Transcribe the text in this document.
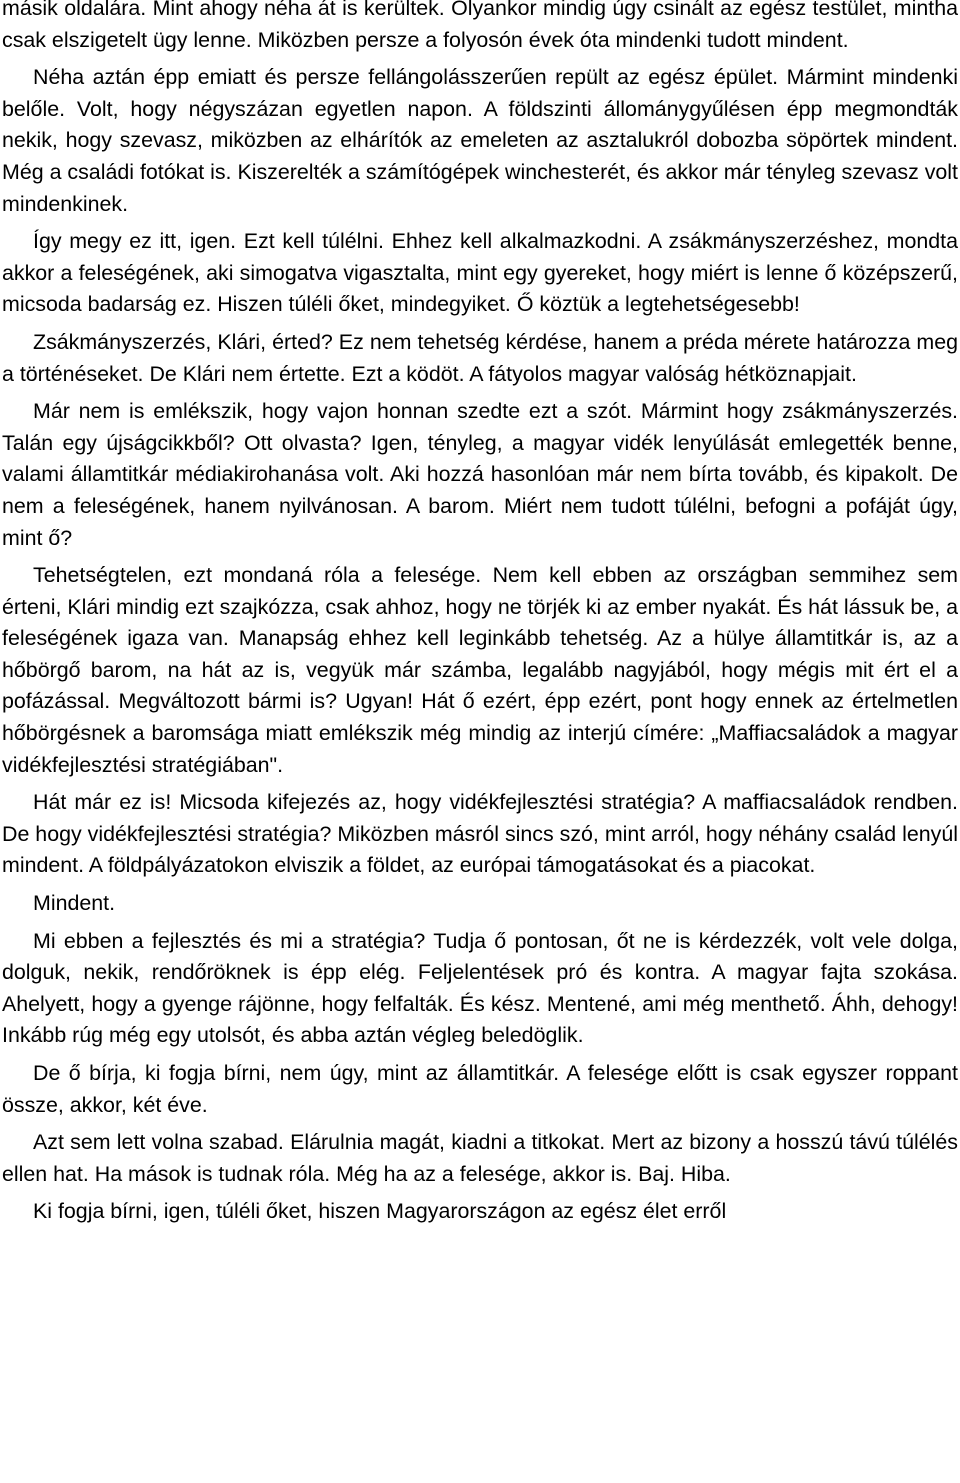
másik oldalára. Mint ahogy néha át is kerültek. Olyankor mindig úgy csinált az egész testület, mintha csak elszigetelt ügy lenne. Miközben persze a folyosón évek óta mindenki tudott mindent.

Néha aztán épp emiatt és persze fellángolásszerűen repült az egész épület. Mármint mindenki belőle. Volt, hogy négyszázan egyetlen napon. A földszinti állománygyűlésen épp megmondták nekik, hogy szevasz, miközben az elhárítók az emeleten az asztalukról dobozba söpörtek mindent. Még a családi fotókat is. Kiszerelték a számítógépek winchesterét, és akkor már tényleg szevasz volt mindenkinek.

Így megy ez itt, igen. Ezt kell túlélni. Ehhez kell alkalmazkodni. A zsákmányszerzéshez, mondta akkor a feleségének, aki simogatva vigasztalta, mint egy gyereket, hogy miért is lenne ő középszerű, micsoda badarság ez. Hiszen túléli őket, mindegyiket. Ő köztük a legtehetségesebb!

Zsákmányszerzés, Klári, érted? Ez nem tehetség kérdése, hanem a préda mérete határozza meg a történéseket. De Klári nem értette. Ezt a ködöt. A fátyolos magyar valóság hétköznapjait.

Már nem is emlékszik, hogy vajon honnan szedte ezt a szót. Mármint hogy zsákmányszerzés. Talán egy újságcikkből? Ott olvasta? Igen, tényleg, a magyar vidék lenyúlását emlegették benne, valami államtitkár médiakirohanása volt. Aki hozzá hasonlóan már nem bírta tovább, és kipakolt. De nem a feleségének, hanem nyilvánosan. A barom. Miért nem tudott túlélni, befogni a pofáját úgy, mint ő?

Tehetségtelen, ezt mondaná róla a felesége. Nem kell ebben az országban semmihez sem érteni, Klári mindig ezt szajkózza, csak ahhoz, hogy ne törjék ki az ember nyakát. És hát lássuk be, a feleségének igaza van. Manapság ehhez kell leginkább tehetség. Az a hülye államtitkár is, az a hőbörgő barom, na hát az is, vegyük már számba, legalább nagyjából, hogy mégis mit ért el a pofázással. Megváltozott bármi is? Ugyan! Hát ő ezért, épp ezért, pont hogy ennek az értelmetlen hőbörgésnek a baromsága miatt emlékszik még mindig az interjú címére: „Maffiacsaládok a magyar vidékfejlesztési stratégiában".

Hát már ez is! Micsoda kifejezés az, hogy vidékfejlesztési stratégia? A maffiacsaládok rendben. De hogy vidékfejlesztési stratégia? Miközben másról sincs szó, mint arról, hogy néhány család lenyúl mindent. A földpályázatokon elviszik a földet, az európai támogatásokat és a piacokat.

Mindent.

Mi ebben a fejlesztés és mi a stratégia? Tudja ő pontosan, őt ne is kérdezzék, volt vele dolga, dolguk, nekik, rendőröknek is épp elég. Feljelentések pró és kontra. A magyar fajta szokása. Ahelyett, hogy a gyenge rájönne, hogy felfalták. És kész. Mentené, ami még menthető. Áhh, dehogy! Inkább rúg még egy utolsót, és abba aztán végleg beledöglik.

De ő bírja, ki fogja bírni, nem úgy, mint az államtitkár. A felesége előtt is csak egyszer roppant össze, akkor, két éve.

Azt sem lett volna szabad. Elárulnia magát, kiadni a titkokat. Mert az bizony a hosszú távú túlélés ellen hat. Ha mások is tudnak róla. Még ha az a felesége, akkor is. Baj. Hiba.

Ki fogja bírni, igen, túléli őket, hiszen Magyarországon az egész élet erről
